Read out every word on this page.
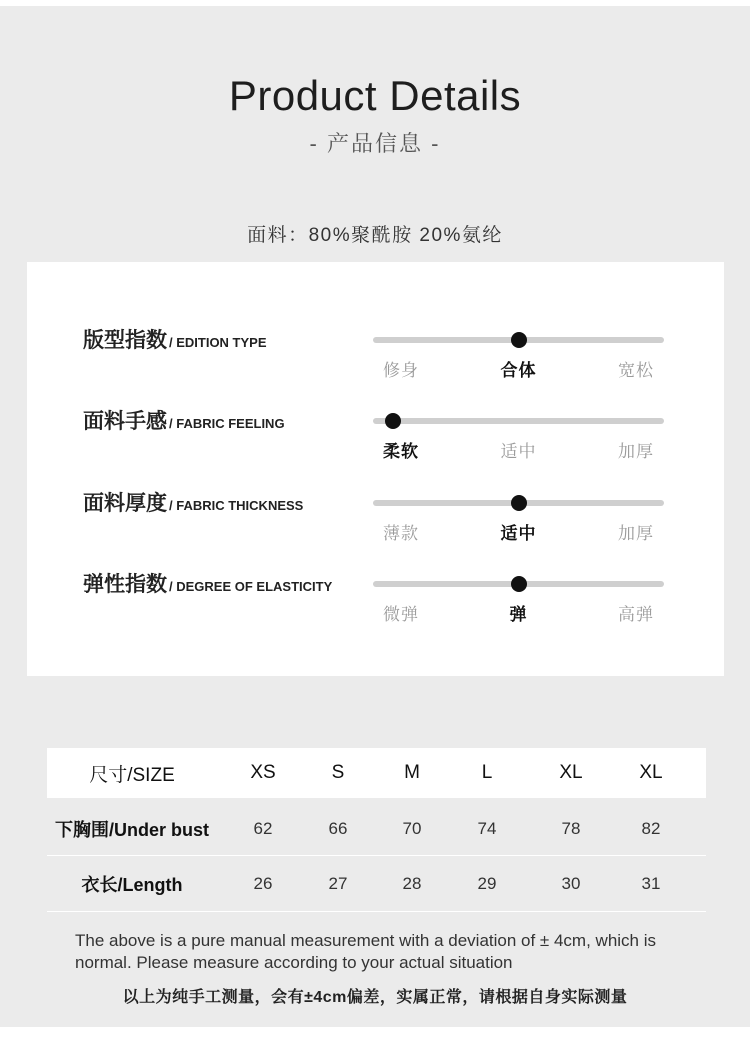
Product Details
- 产品信息 -
面料：80%聚酰胺 20%氨纶
版型指数 / EDITION TYPE
修身	合体	宽松
面料手感 / FABRIC FEELING
柔软	适中	加厚
面料厚度 / FABRIC THICKNESS
薄款	适中	加厚
弹性指数 / DEGREE OF ELASTICITY
微弹	弹	高弹
尺寸/SIZE	XS	S	M	L	XL	XL
下胸围/Under bust	62	66	70	74	78	82
衣长/Length	26	27	28	29	30	31
The above is a pure manual measurement with a deviation of ± 4cm, which is normal. Please measure according to your actual situation
以上为纯手工测量，会有±4cm偏差，实属正常，请根据自身实际测量
